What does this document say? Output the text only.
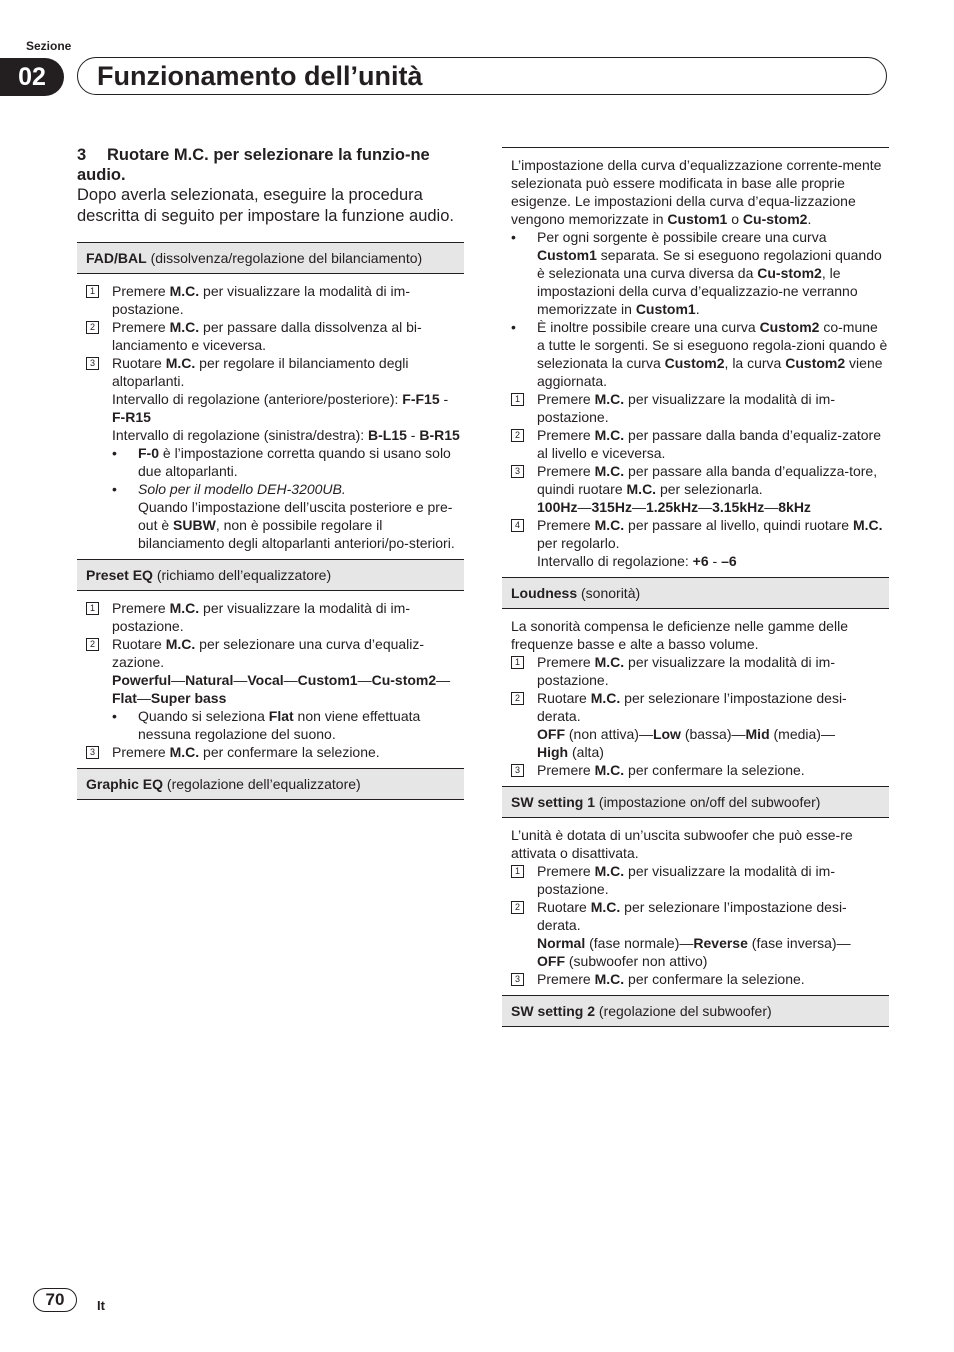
Sezione
02	Funzionamento dell’unità
3 Ruotare M.C. per selezionare la funzio-ne audio.
Dopo averla selezionata, eseguire la procedura descritta di seguito per impostare la funzione audio.
FAD/BAL (dissolvenza/regolazione del bilanciamento)
1 Premere M.C. per visualizzare la modalità di im-postazione.
2 Premere M.C. per passare dalla dissolvenza al bi-lanciamento e viceversa.
3 Ruotare M.C. per regolare il bilanciamento degli altoparlanti.
Intervallo di regolazione (anteriore/posteriore): F-F15 - F-R15
Intervallo di regolazione (sinistra/destra): B-L15 - B-R15
• F-0 è l’impostazione corretta quando si usano solo due altoparlanti.
• Solo per il modello DEH-3200UB.
Quando l’impostazione dell’uscita posteriore e pre-out è SUBW, non è possibile regolare il bilanciamento degli altoparlanti anteriori/po-steriori.
Preset EQ (richiamo dell’equalizzatore)
1 Premere M.C. per visualizzare la modalità di im-postazione.
2 Ruotare M.C. per selezionare una curva d’equaliz-zazione.
Powerful—Natural—Vocal—Custom1—Cu-stom2—Flat—Super bass
• Quando si seleziona Flat non viene effettuata nessuna regolazione del suono.
3 Premere M.C. per confermare la selezione.
Graphic EQ (regolazione dell’equalizzatore)
L’impostazione della curva d’equalizzazione corrente-mente selezionata può essere modificata in base alle proprie esigenze. Le impostazioni della curva d’equa-lizzazione vengono memorizzate in Custom1 o Cu-stom2.
• Per ogni sorgente è possibile creare una curva Custom1 separata. Se si eseguono regolazioni quando è selezionata una curva diversa da Cu-stom2, le impostazioni della curva d’equalizzazio-ne verranno memorizzate in Custom1.
• È inoltre possibile creare una curva Custom2 co-mune a tutte le sorgenti. Se si eseguono regola-zioni quando è selezionata la curva Custom2, la curva Custom2 viene aggiornata.
1 Premere M.C. per visualizzare la modalità di im-postazione.
2 Premere M.C. per passare dalla banda d’equaliz-zatore al livello e viceversa.
3 Premere M.C. per passare alla banda d’equalizza-tore, quindi ruotare M.C. per selezionarla.
100Hz—315Hz—1.25kHz—3.15kHz—8kHz
4 Premere M.C. per passare al livello, quindi ruotare M.C. per regolarlo.
Intervallo di regolazione: +6 - –6
Loudness (sonorità)
La sonorità compensa le deficienze nelle gamme delle frequenze basse e alte a basso volume.
1 Premere M.C. per visualizzare la modalità di im-postazione.
2 Ruotare M.C. per selezionare l’impostazione desi-derata.
OFF (non attiva)—Low (bassa)—Mid (media)—
High (alta)
3 Premere M.C. per confermare la selezione.
SW setting 1 (impostazione on/off del subwoofer)
L’unità è dotata di un’uscita subwoofer che può esse-re attivata o disattivata.
1 Premere M.C. per visualizzare la modalità di im-postazione.
2 Ruotare M.C. per selezionare l’impostazione desi-derata.
Normal (fase normale)—Reverse (fase inversa)—
OFF (subwoofer non attivo)
3 Premere M.C. per confermare la selezione.
SW setting 2 (regolazione del subwoofer)
70	It
